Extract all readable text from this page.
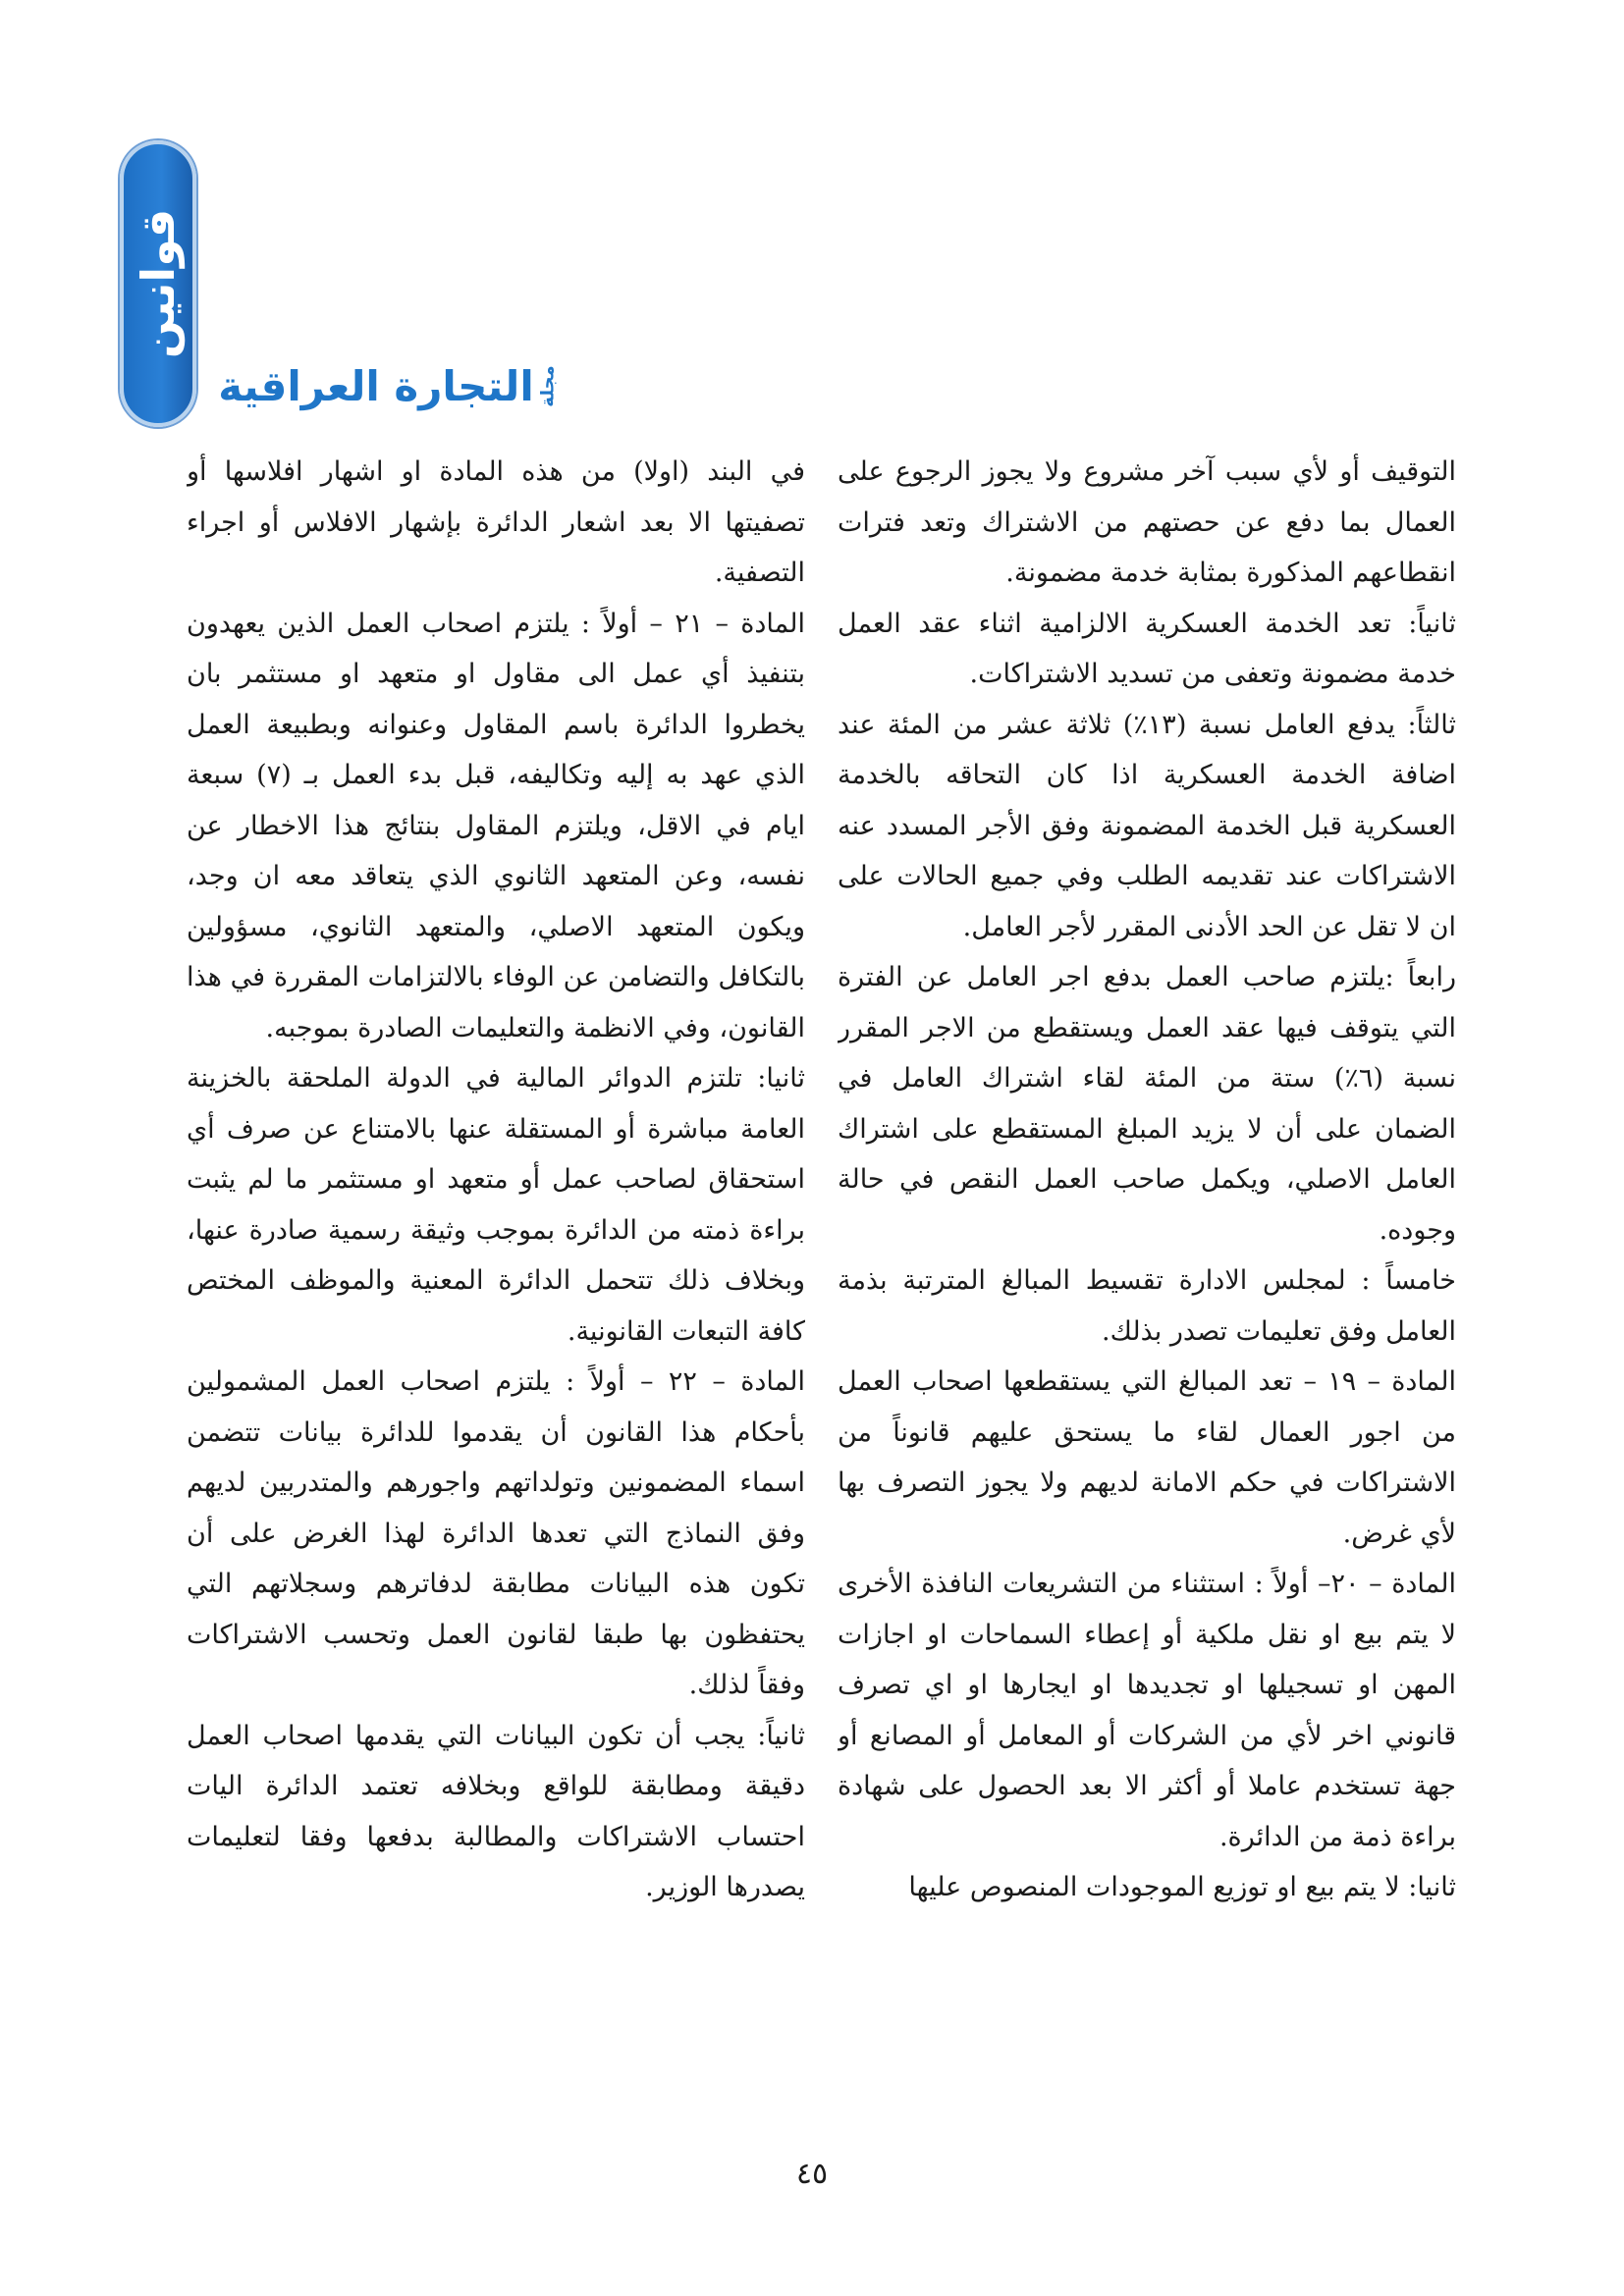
قوانين
التجارة العراقية مجلة

التوقيف أو لأي سبب آخر مشروع ولا يجوز الرجوع على العمال بما دفع عن حصتهم من الاشتراك وتعد فترات انقطاعهم المذكورة بمثابة خدمة مضمونة.

ثانياً: تعد الخدمة العسكرية الالزامية اثناء عقد العمل خدمة مضمونة وتعفى من تسديد الاشتراكات.

ثالثاً: يدفع العامل نسبة (١٣٪) ثلاثة عشر من المئة عند اضافة الخدمة العسكرية اذا كان التحاقه بالخدمة العسكرية قبل الخدمة المضمونة وفق الأجر المسدد عنه الاشتراكات عند تقديمه الطلب وفي جميع الحالات على ان لا تقل عن الحد الأدنى المقرر لأجر العامل.

رابعاً :يلتزم صاحب العمل بدفع اجر العامل عن الفترة التي يتوقف فيها عقد العمل ويستقطع من الاجر المقرر نسبة (٦٪) ستة من المئة لقاء اشتراك العامل في الضمان على أن لا يزيد المبلغ المستقطع على اشتراك العامل الاصلي، ويكمل صاحب العمل النقص في حالة وجوده.

خامساً : لمجلس الادارة تقسيط المبالغ المترتبة بذمة العامل وفق تعليمات تصدر بذلك.

المادة – ١٩ – تعد المبالغ التي يستقطعها اصحاب العمل من اجور العمال لقاء ما يستحق عليهم قانوناً من الاشتراكات في حكم الامانة لديهم ولا يجوز التصرف بها لأي غرض.

المادة – ٢٠– أولاً : استثناء من التشريعات النافذة الأخرى لا يتم بيع او نقل ملكية أو إعطاء السماحات او اجازات المهن او تسجيلها او تجديدها او ايجارها او اي تصرف قانوني اخر لأي من الشركات أو المعامل أو المصانع أو جهة تستخدم عاملا أو أكثر الا بعد الحصول على شهادة براءة ذمة من الدائرة.

ثانيا: لا يتم بيع او توزيع الموجودات المنصوص عليها

في البند (اولا) من هذه المادة او اشهار افلاسها أو تصفيتها الا بعد اشعار الدائرة بإشهار الافلاس أو اجراء التصفية.

المادة – ٢١ – أولاً : يلتزم اصحاب العمل الذين يعهدون بتنفيذ أي عمل الى مقاول او متعهد او مستثمر بان يخطروا الدائرة باسم المقاول وعنوانه وبطبيعة العمل الذي عهد به إليه وتكاليفه، قبل بدء العمل بـ (٧) سبعة ايام في الاقل، ويلتزم المقاول بنتائج هذا الاخطار عن نفسه، وعن المتعهد الثانوي الذي يتعاقد معه ان وجد، ويكون المتعهد الاصلي، والمتعهد الثانوي، مسؤولين بالتكافل والتضامن عن الوفاء بالالتزامات المقررة في هذا القانون، وفي الانظمة والتعليمات الصادرة بموجبه.

ثانيا: تلتزم الدوائر المالية في الدولة الملحقة بالخزينة العامة مباشرة أو المستقلة عنها بالامتناع عن صرف أي استحقاق لصاحب عمل أو متعهد او مستثمر ما لم يثبت براءة ذمته من الدائرة بموجب وثيقة رسمية صادرة عنها، وبخلاف ذلك تتحمل الدائرة المعنية والموظف المختص كافة التبعات القانونية.

المادة – ٢٢ – أولاً : يلتزم اصحاب العمل المشمولين بأحكام هذا القانون أن يقدموا للدائرة بيانات تتضمن اسماء المضمونين وتولداتهم واجورهم والمتدربين لديهم وفق النماذج التي تعدها الدائرة لهذا الغرض على أن تكون هذه البيانات مطابقة لدفاترهم وسجلاتهم التي يحتفظون بها طبقا لقانون العمل وتحسب الاشتراكات وفقاً لذلك.

ثانياً: يجب أن تكون البيانات التي يقدمها اصحاب العمل دقيقة ومطابقة للواقع وبخلافه تعتمد الدائرة اليات احتساب الاشتراكات والمطالبة بدفعها وفقا لتعليمات يصدرها الوزير.

٤٥
